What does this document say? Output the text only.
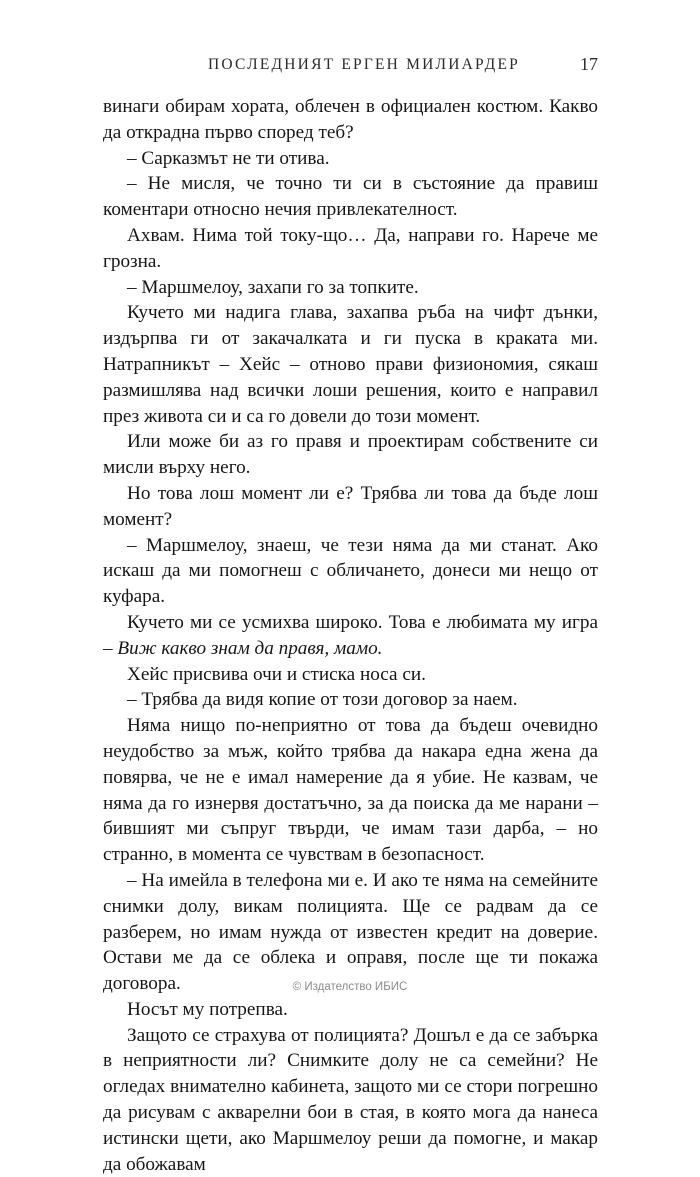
ПОСЛЕДНИЯТ ЕРГЕН МИЛИАРДЕР	17

винаги обирам хората, облечен в официален костюм. Какво да откраднa първо според теб?

– Сарказмът не ти отива.

– Не мисля, че точно ти си в състояние да правиш коментари относно нечия привлекателност.

Ахвам. Нима той току-що… Да, направи го. Нарече ме грозна.

– Маршмелоу, захапи го за топките.

Кучето ми надига глава, захапва ръба на чифт дънки, издърпва ги от закачалката и ги пуска в краката ми. Натрапникът – Хейс – отново прави физиономия, сякаш размишлява над всички лоши решения, които е направил през живота си и са го довели до този момент.

Или може би аз го правя и проектирам собствените си мисли върху него.

Но това лош момент ли е? Трябва ли това да бъде лош момент?

– Маршмелоу, знаеш, че тези няма да ми станат. Ако искаш да ми помогнеш с обличането, донеси ми нещо от куфара.

Кучето ми се усмихва широко. Това е любимата му игра – Виж какво знам да правя, мамо.

Хейс присвива очи и стиска носа си.

– Трябва да видя копие от този договор за наем.

Няма нищо по-неприятно от това да бъдеш очевидно неудобство за мъж, който трябва да накара една жена да повярва, че не е имал намерение да я убие. Не казвам, че няма да го изнервя достатъчно, за да поиска да ме нарани – бившият ми съпруг твърди, че имам тази дарба, – но странно, в момента се чувствам в безопасност.

– На имейла в телефона ми е. И ако те няма на семейните снимки долу, викам полицията. Ще се радвам да се разберем, но имам нужда от известен кредит на доверие. Остави ме да се облека и оправя, после ще ти покажа договора.

Носът му потрепва.

Защото се страхува от полицията? Дошъл е да се забърка в неприятности ли? Снимките долу не са семейни? Не огледах внимателно кабинета, защото ми се стори погрешно да рисувам с акварелни бои в стая, в която мога да нанеса истински щети, ако Маршмелоу реши да помогне, и макар да обожавам

© Издателство ИБИС
